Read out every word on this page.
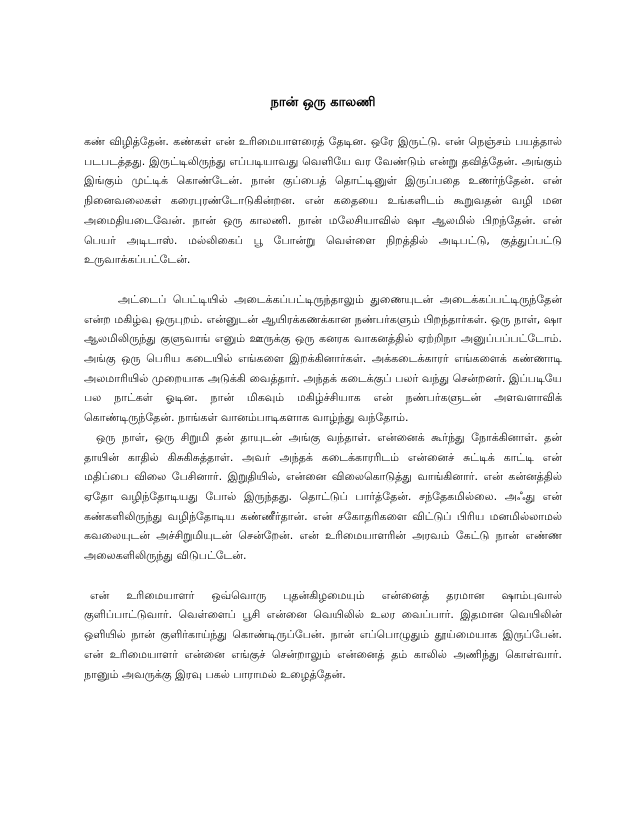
நான் ஒரு காலணி

கண் விழித்தேன். கண்கள் என் உரிமையாளரைத் தேடின. ஒரே இருட்டு. என் நெஞ்சம் பயத்தால் படபடத்தது. இருட்டிலிருந்து எப்படியாவது வெளியே வர வேண்டும் என்று தவித்தேன். அங்கும் இங்கும் முட்டிக் கொண்டேன். நான் குப்பைத் தொட்டினுள் இருப்பதை உணர்ந்தேன். என் நினைவலைகள் கரைபுரண்டோடுகின்றன. என் கதையை உங்களிடம் கூறுவதன் வழி மன அமைதியடைவேன். நான் ஒரு காலணி. நான் மலேசியாவில் ஷா ஆலமில் பிறந்தேன். என் பெயர் அடிடாஸ். மல்லிகைப் பூ போன்று வெள்ளை நிறத்தில் அடிபட்டு, குத்துப்பட்டு உருவாக்கப்பட்டேன்.

அட்டைப் பெட்டியில் அடைக்கப்பட்டிருந்தாலும் துணையுடன் அடைக்கப்பட்டிருந்தேன் என்ற மகிழ்வு ஒருபுறம். என்னுடன் ஆயிரக்கணக்கான நண்பர்களும் பிறந்தார்கள். ஒரு நாள், ஷா ஆலமிலிருந்து குளுவாங் எனும் ஊருக்கு ஒரு கனரக வாகனத்தில் ஏற்றிநா அனுப்பப்பட்டோம். அங்கு ஒரு பெரிய கடையில் எங்களை இறக்கினார்கள். அக்கடைக்காரர் எங்களைக் கண்ணாடி அலமாரியில் முறையாக அடுக்கி வைத்தார். அந்தக் கடைக்குப் பலர் வந்து சென்றனர். இப்படியே பல நாட்கள் ஓடின. நான் மிகவும் மகிழ்ச்சியாக என் நண்பர்களுடன் அளவளாவிக் கொண்டிருந்தேன். நாங்கள் வானம்பாடிகளாக வாழ்ந்து வந்தோம்.

ஒரு நாள், ஒரு சிறுமி தன் தாயுடன் அங்கு வந்தாள். என்னைக் கூர்ந்து நோக்கினாள். தன் தாயின் காதில் கிசுகிசுத்தாள். அவர் அந்தக் கடைக்காரரிடம் என்னைச் சுட்டிக் காட்டி என் மதிப்பை விலை பேசினார். இறுதியில், என்னை விலைகொடுத்து வாங்கினார். என் கன்னத்தில் ஏதோ வழிந்தோடியது போல் இருந்தது. தொட்டுப் பார்த்தேன். சந்தேகமில்லை. அஃது என் கண்களிலிருந்து வழிந்தோடிய கண்ணீர்தான். என் சகோதரிகளை விட்டுப் பிரிய மனமில்லாமல் கவலையுடன் அச்சிறுமியுடன் சென்றேன். என் உரிமையாளரின் அரவம் கேட்டு நான் எண்ண அலைகளிலிருந்து விடுபட்டேன்.

என் உரிமையாளர் ஒவ்வொரு புதன்கிழமையும் என்னைத் தரமான ஷாம்புவால் குளிப்பாட்டுவார். வெள்ளைப் பூசி என்னை வெயிலில் உலர வைப்பார். இதமான வெயிலின் ஒளியில் நான் குளிர்காய்ந்து கொண்டிருப்பேன். நான் எப்பொழுதும் தூய்மையாக இருப்பேன். என் உரிமையாளர் என்னை எங்குச் சென்றாலும் என்னைத் தம் காலில் அணிந்து கொள்வார். நானும் அவருக்கு இரவு பகல் பாராமல் உழைத்தேன்.
